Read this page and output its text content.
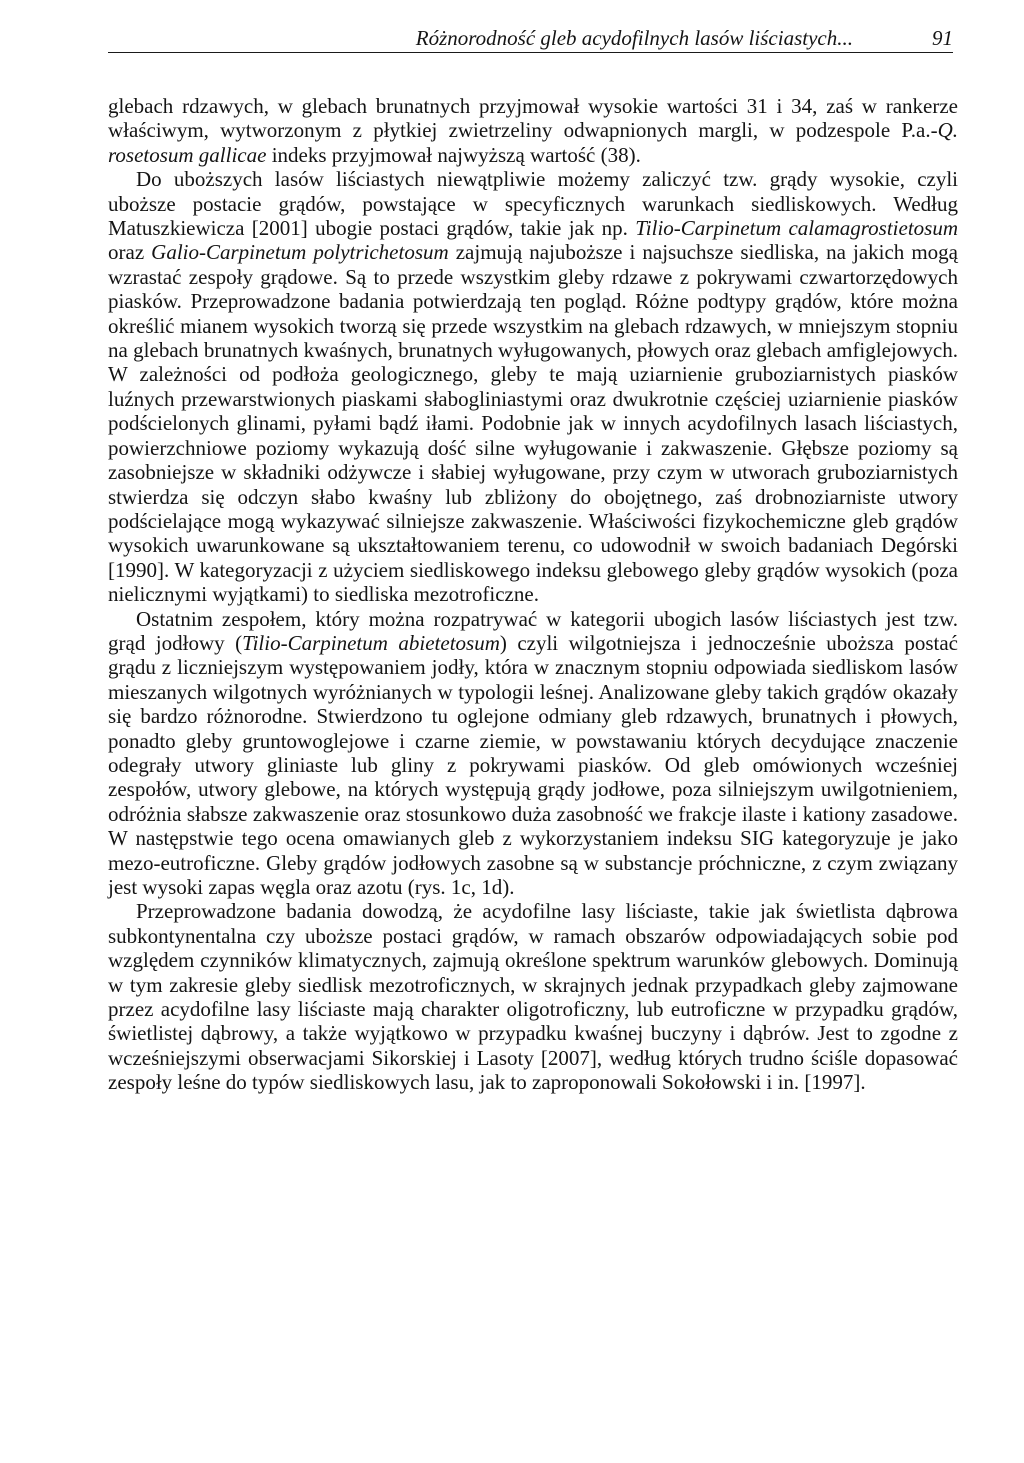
Różnorodność gleb acydofilnych lasów liściastych...	91

glebach rdzawych, w glebach brunatnych przyjmował wysokie wartości 31 i 34, zaś w rankerze właściwym, wytworzonym z płytkiej zwietrzeliny odwapnionych margli, w podzespole P.a.-Q. rosetosum gallicae indeks przyjmował najwyższą wartość (38).

Do uboższych lasów liściastych niewątpliwie możemy zaliczyć tzw. grądy wysokie, czyli uboższe postacie grądów, powstające w specyficznych warunkach siedliskowych. Według Matuszkiewicza [2001] ubogie postaci grądów, takie jak np. Tilio-Carpinetum calamagrostietosum oraz Galio-Carpinetum polytrichetosum zajmują najuboższe i najsuchsze siedliska, na jakich mogą wzrastać zespoły grądowe. Są to przede wszystkim gleby rdzawe z pokrywami czwartorzędowych piasków. Przeprowadzone badania potwierdzają ten pogląd. Różne podtypy grądów, które można określić mianem wysokich tworzą się przede wszystkim na glebach rdzawych, w mniejszym stopniu na glebach brunatnych kwaśnych, brunatnych wyługowanych, płowych oraz glebach amfiglejowych. W zależności od podłoża geologicznego, gleby te mają uziarnienie gruboziarnistych piasków luźnych przewarstwionych piaskami słabogliniastymi oraz dwukrotnie częściej uziarnienie piasków podścielonych glinami, pyłami bądź iłami. Podobnie jak w innych acydofilnych lasach liściastych, powierzchniowe poziomy wykazują dość silne wyługowanie i zakwaszenie. Głębsze poziomy są zasobniejsze w składniki odżywcze i słabiej wyługowane, przy czym w utworach gruboziarnistych stwierdza się odczyn słabo kwaśny lub zbliżony do obojętnego, zaś drobnoziarniste utwory podścielające mogą wykazywać silniejsze zakwaszenie. Właściwości fizykochemiczne gleb grądów wysokich uwarunkowane są ukształtowaniem terenu, co udowodnił w swoich badaniach Degórski [1990]. W kategoryzacji z użyciem siedliskowego indeksu glebowego gleby grądów wysokich (poza nielicznymi wyjątkami) to siedliska mezotroficzne.

Ostatnim zespołem, który można rozpatrywać w kategorii ubogich lasów liściastych jest tzw. grąd jodłowy (Tilio-Carpinetum abietetosum) czyli wilgotniejsza i jednocześnie uboższa postać grądu z liczniejszym występowaniem jodły, która w znacznym stopniu odpowiada siedliskom lasów mieszanych wilgotnych wyróżnianych w typologii leśnej. Analizowane gleby takich grądów okazały się bardzo różnorodne. Stwierdzono tu oglejone odmiany gleb rdzawych, brunatnych i płowych, ponadto gleby gruntowoglejowe i czarne ziemie, w powstawaniu których decydujące znaczenie odegrały utwory gliniaste lub gliny z pokrywami piasków. Od gleb omówionych wcześniej zespołów, utwory glebowe, na których występują grądy jodłowe, poza silniejszym uwilgotnieniem, odróżnia słabsze zakwaszenie oraz stosunkowo duża zasobność we frakcje ilaste i kationy zasadowe. W następstwie tego ocena omawianych gleb z wykorzystaniem indeksu SIG kategoryzuje je jako mezo-eutroficzne. Gleby grądów jodłowych zasobne są w substancje próchniczne, z czym związany jest wysoki zapas węgla oraz azotu (rys. 1c, 1d).

Przeprowadzone badania dowodzą, że acydofilne lasy liściaste, takie jak świetlista dąbrowa subkontynentalna czy uboższe postaci grądów, w ramach obszarów odpowiadających sobie pod względem czynników klimatycznych, zajmują określone spektrum warunków glebowych. Dominują w tym zakresie gleby siedlisk mezotroficznych, w skrajnych jednak przypadkach gleby zajmowane przez acydofilne lasy liściaste mają charakter oligotroficzny, lub eutroficzne w przypadku grądów, świetlistej dąbrowy, a także wyjątkowo w przypadku kwaśnej buczyny i dąbrów. Jest to zgodne z wcześniejszymi obserwacjami Sikorskiej i Lasoty [2007], według których trudno ściśle dopasować zespoły leśne do typów siedliskowych lasu, jak to zaproponowali Sokołowski i in. [1997].
